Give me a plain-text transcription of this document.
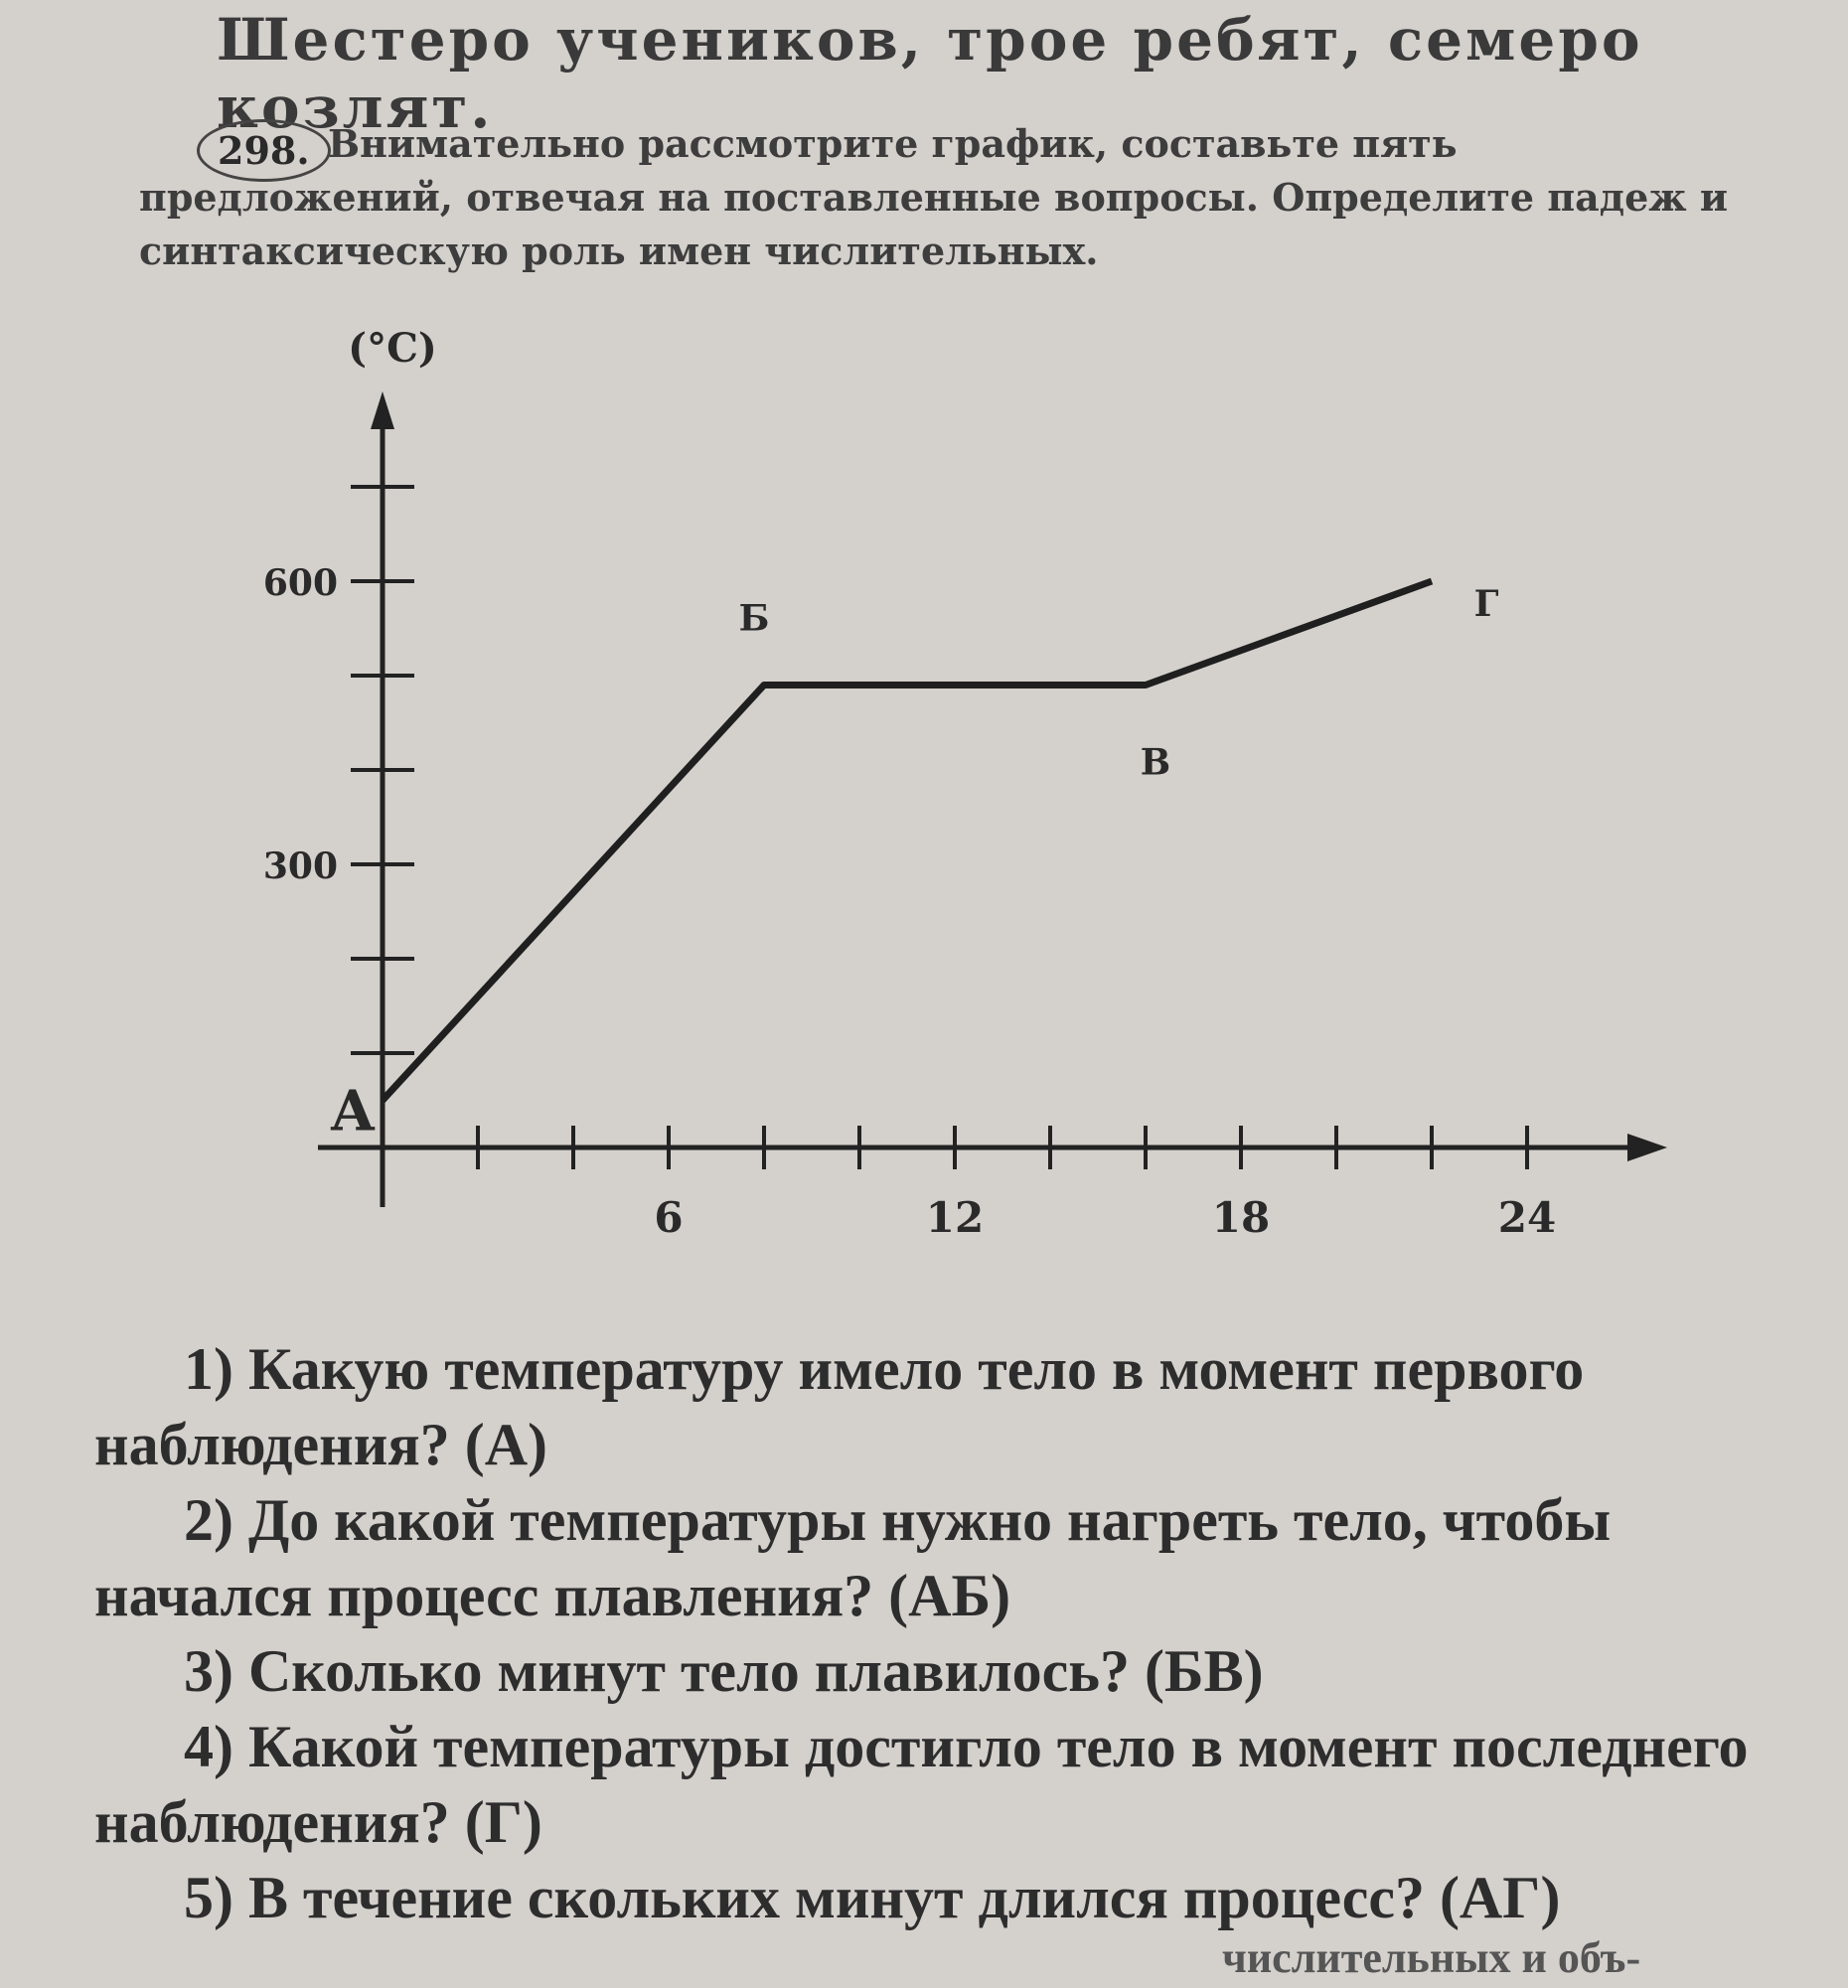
Шестеро учеников, трое ребят, семеро козлят.
298. Внимательно рассмотрите график, составьте пять предложений, отвечая на поставленные вопросы. Определите падеж и синтаксическую роль имен числительных.
6	12	18	24
300
600
(°C)
А
Б
В
Г
1) Какую температуру имело тело в момент первого наблюдения? (А)
2) До какой температуры нужно нагреть тело, чтобы начался процесс плавления? (АБ)
3) Сколько минут тело плавилось? (БВ)
4) Какой температуры достигло тело в момент последнего наблюдения? (Г)
5) В течение скольких минут длился процесс? (АГ)
числительных и объ-
